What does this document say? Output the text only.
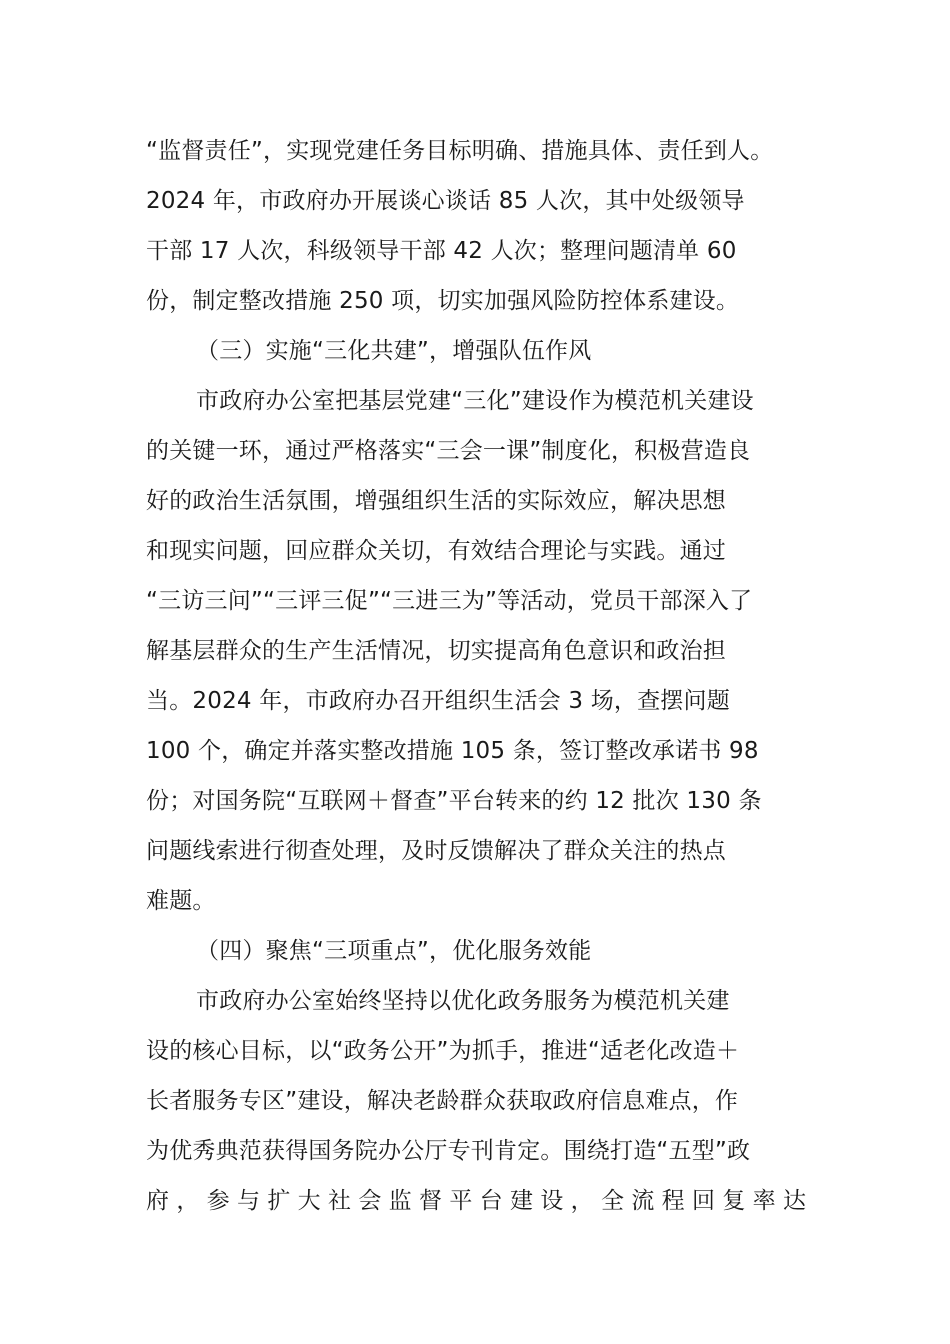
“监督责任”，实现党建任务目标明确、措施具体、责任到人。
2024 年，市政府办开展谈心谈话 85 人次，其中处级领导
干部 17 人次，科级领导干部 42 人次；整理问题清单 60
份，制定整改措施 250 项，切实加强风险防控体系建设。
（三）实施“三化共建”，增强队伍作风
市政府办公室把基层党建“三化”建设作为模范机关建设
的关键一环，通过严格落实“三会一课”制度化，积极营造良
好的政治生活氛围，增强组织生活的实际效应，解决思想
和现实问题，回应群众关切，有效结合理论与实践。通过
“三访三问”“三评三促”“三进三为”等活动，党员干部深入了
解基层群众的生产生活情况，切实提高角色意识和政治担
当。2024 年，市政府办召开组织生活会 3 场，查摆问题
100 个，确定并落实整改措施 105 条，签订整改承诺书 98
份；对国务院“互联网＋督查”平台转来的约 12 批次 130 条
问题线索进行彻查处理，及时反馈解决了群众关注的热点
难题。
（四）聚焦“三项重点”，优化服务效能
市政府办公室始终坚持以优化政务服务为模范机关建
设的核心目标，以“政务公开”为抓手，推进“适老化改造＋
长者服务专区”建设，解决老龄群众获取政府信息难点，作
为优秀典范获得国务院办公厅专刊肯定。围绕打造“五型”政
府，参与扩大社会监督平台建设，全流程回复率达
